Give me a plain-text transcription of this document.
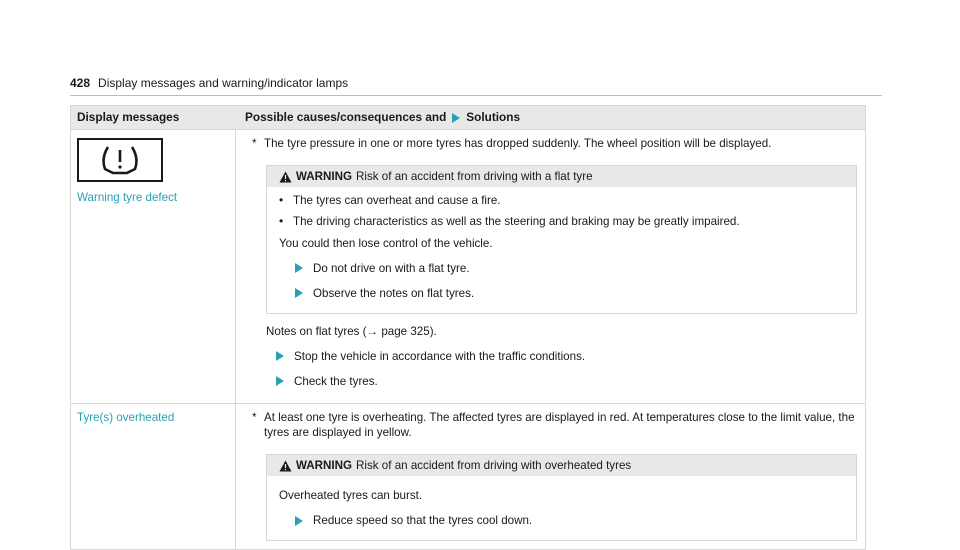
428 Display messages and warning/indicator lamps
Display messages	Possible causes/consequences and Solutions
Warning tyre defect
* The tyre pressure in one or more tyres has dropped suddenly. The wheel position will be displayed.
WARNING Risk of an accident from driving with a flat tyre
• The tyres can overheat and cause a fire.
• The driving characteristics as well as the steering and braking may be greatly impaired.
You could then lose control of the vehicle.
Do not drive on with a flat tyre.
Observe the notes on flat tyres.
Notes on flat tyres (→ page 325).
Stop the vehicle in accordance with the traffic conditions.
Check the tyres.
Tyre(s) overheated	* At least one tyre is overheating. The affected tyres are displayed in red. At temperatures close to the limit value, the tyres are displayed in yellow.
WARNING Risk of an accident from driving with overheated tyres
Overheated tyres can burst.
Reduce speed so that the tyres cool down.
